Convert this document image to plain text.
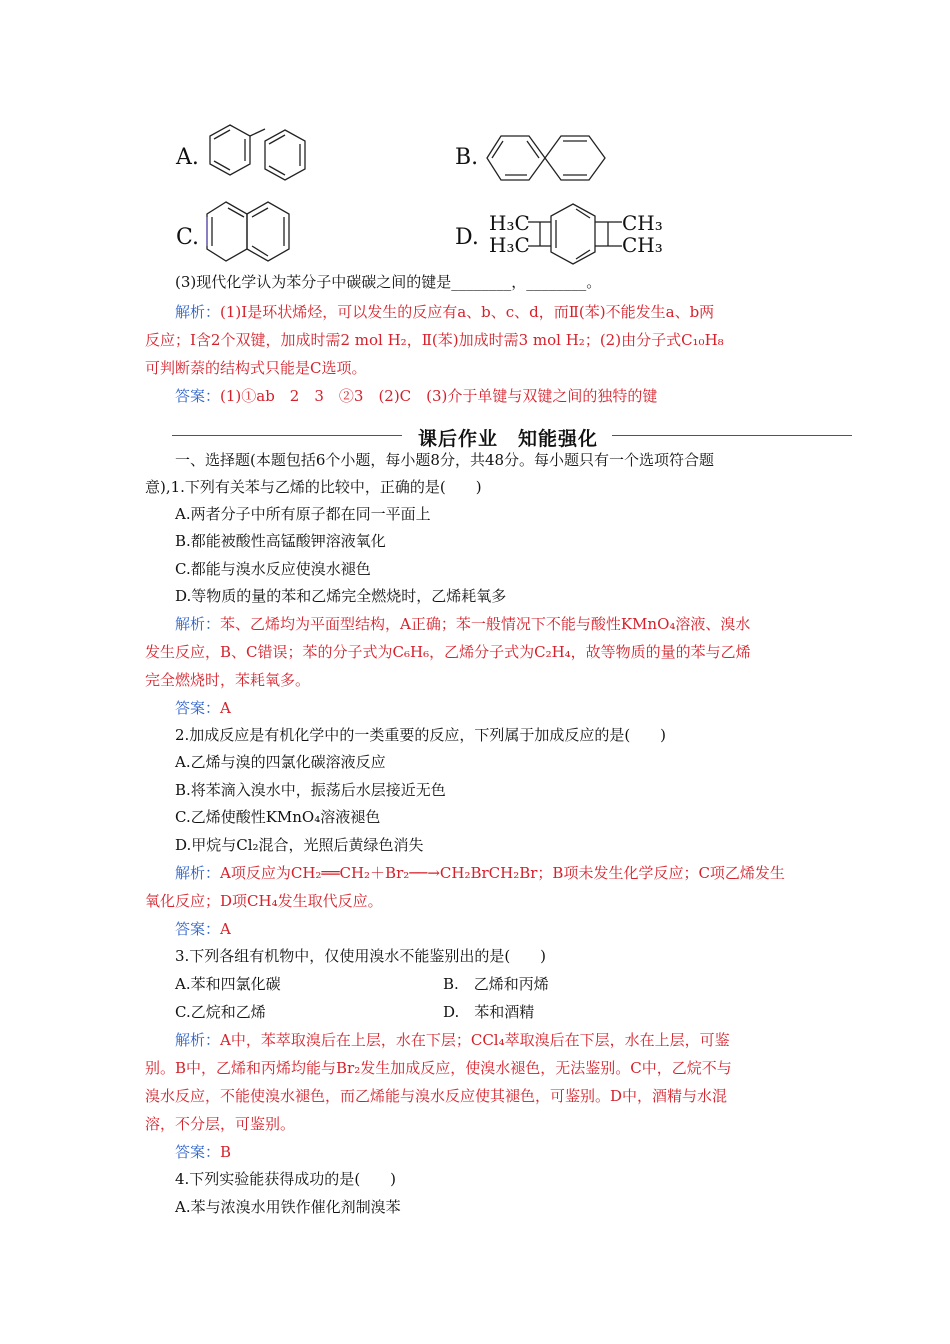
A.	B.
C.	D.
H₃C
H₃C
CH₃
CH₃
(3)现代化学认为苯分子中碳碳之间的键是________，________。
解析：(1)Ⅰ是环状烯烃，可以发生的反应有a、b、c、d，而Ⅱ(苯)不能发生a、b两
反应；Ⅰ含2个双键，加成时需2 mol H₂，Ⅱ(苯)加成时需3 mol H₂；(2)由分子式C₁₀H₈
可判断萘的结构式只能是C选项。
答案：(1)①ab　2　3　②3　(2)C　(3)介于单键与双键之间的独特的键
课后作业　知能强化
一、选择题(本题包括6个小题，每小题8分，共48分。每小题只有一个选项符合题
意),1.下列有关苯与乙烯的比较中，正确的是(　　)
A.两者分子中所有原子都在同一平面上
B.都能被酸性高锰酸钾溶液氧化
C.都能与溴水反应使溴水褪色
D.等物质的量的苯和乙烯完全燃烧时，乙烯耗氧多
解析：苯、乙烯均为平面型结构，A正确；苯一般情况下不能与酸性KMnO₄溶液、溴水
发生反应，B、C错误；苯的分子式为C₆H₆，乙烯分子式为C₂H₄，故等物质的量的苯与乙烯
完全燃烧时，苯耗氧多。
答案：A
2.加成反应是有机化学中的一类重要的反应，下列属于加成反应的是(　　)
A.乙烯与溴的四氯化碳溶液反应
B.将苯滴入溴水中，振荡后水层接近无色
C.乙烯使酸性KMnO₄溶液褪色
D.甲烷与Cl₂混合，光照后黄绿色消失
解析：A项反应为CH₂══CH₂＋Br₂──→CH₂BrCH₂Br；B项未发生化学反应；C项乙烯发生
氧化反应；D项CH₄发生取代反应。
答案：A
3.下列各组有机物中，仅使用溴水不能鉴别出的是(　　)
A.苯和四氯化碳	B.　乙烯和丙烯
C.乙烷和乙烯	D.　苯和酒精
解析：A中，苯萃取溴后在上层，水在下层；CCl₄萃取溴后在下层，水在上层，可鉴
别。B中，乙烯和丙烯均能与Br₂发生加成反应，使溴水褪色，无法鉴别。C中，乙烷不与
溴水反应，不能使溴水褪色，而乙烯能与溴水反应使其褪色，可鉴别。D中，酒精与水混
溶，不分层，可鉴别。
答案：B
4.下列实验能获得成功的是(　　)
A.苯与浓溴水用铁作催化剂制溴苯
